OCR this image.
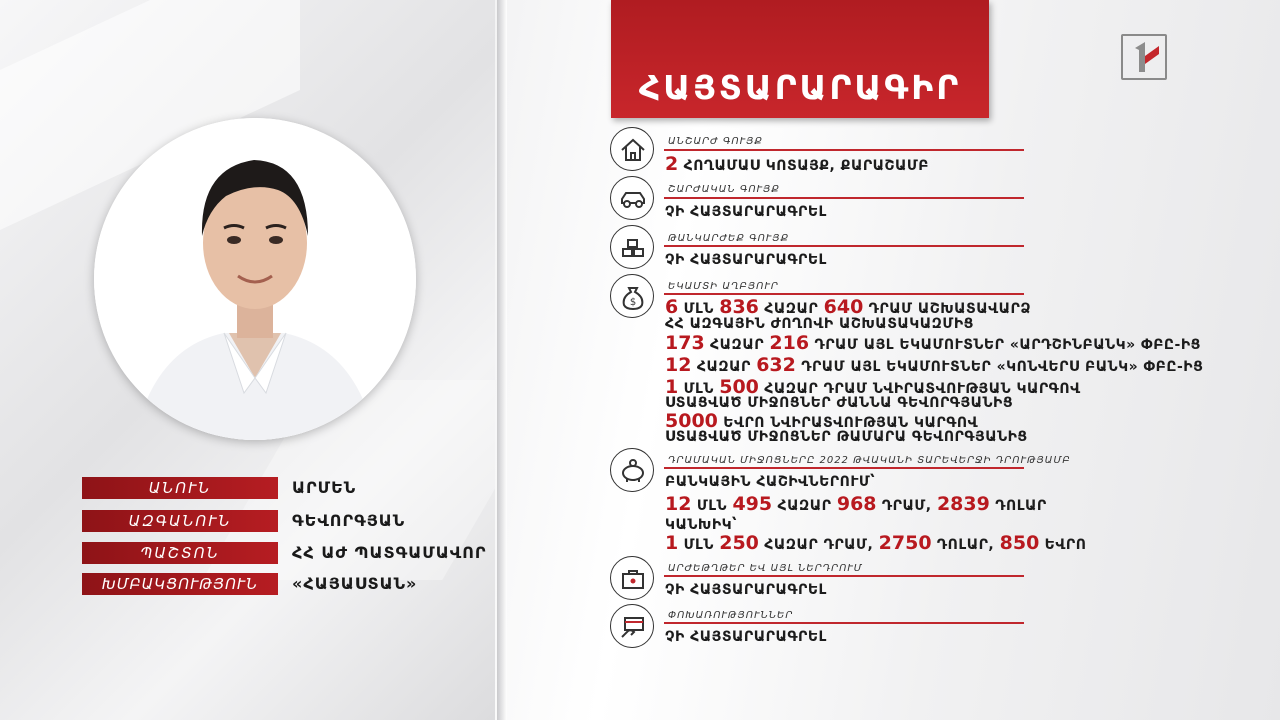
ԱՆՈՒՆ	ԱՐՄԵՆ
ԱԶԳԱՆՈՒՆ	ԳԵՎՈՐԳՅԱՆ
ՊԱՇՏՈՆ	ՀՀ ԱԺ ՊԱՏԳԱՄԱՎՈՐ
ԽՄԲԱԿՑՈՒԹՅՈՒՆ	«ՀԱՅԱՍՏԱՆ»
ՀԱՅՏԱՐԱՐԱԳԻՐ
ԱՆՇԱՐԺ ԳՈՒՅՔ
2 ՀՈՂԱՄԱՍ ԿՈՏԱՅՔ, ՔԱՐԱՇԱՄԲ
ՇԱՐԺԱԿԱՆ ԳՈՒՅՔ
ՉԻ ՀԱՅՏԱՐԱՐԱԳՐԵԼ
ԹԱՆԿԱՐԺԵՔ ԳՈՒՅՔ
ՉԻ ՀԱՅՏԱՐԱՐԱԳՐԵԼ
$
ԵԿԱՄՏԻ ԱՂԲՅՈՒՐ
6 ՄԼՆ 836 ՀԱԶԱՐ 640 ԴՐԱՄ ԱՇԽԱՏԱՎԱՐՁ
ՀՀ ԱԶԳԱՅԻՆ ԺՈՂՈՎԻ ԱՇԽԱՏԱԿԱԶՄԻՑ
173 ՀԱԶԱՐ 216 ԴՐԱՄ ԱՅԼ ԵԿԱՄՈՒՏՆԵՐ «ԱՐԴՇԻՆԲԱՆԿ» ՓԲԸ-ԻՑ
12 ՀԱԶԱՐ 632 ԴՐԱՄ ԱՅԼ ԵԿԱՄՈՒՏՆԵՐ «ԿՈՆՎԵՐՍ ԲԱՆԿ» ՓԲԸ-ԻՑ
1 ՄԼՆ 500 ՀԱԶԱՐ ԴՐԱՄ ՆՎԻՐԱՏՎՈՒԹՅԱՆ ԿԱՐԳՈՎ
ՍՏԱՑՎԱԾ ՄԻՋՈՑՆԵՐ ԺԱՆՆԱ ԳԵՎՈՐԳՅԱՆԻՑ
5000 ԵՎՐՈ ՆՎԻՐԱՏՎՈՒԹՅԱՆ ԿԱՐԳՈՎ
ՍՏԱՑՎԱԾ ՄԻՋՈՑՆԵՐ ԹԱՄԱՐԱ ԳԵՎՈՐԳՅԱՆԻՑ
ԴՐԱՄԱԿԱՆ ՄԻՋՈՑՆԵՐԸ 2022 ԹՎԱԿԱՆԻ ՏԱՐԵՎԵՐՋԻ ԴՐՈՒԹՅԱՄԲ
ԲԱՆԿԱՅԻՆ ՀԱՇԻՎՆԵՐՈՒՄ՝
12 ՄԼՆ 495 ՀԱԶԱՐ 968 ԴՐԱՄ, 2839 ԴՈԼԱՐ
ԿԱՆԽԻԿ՝
1 ՄԼՆ 250 ՀԱԶԱՐ ԴՐԱՄ, 2750 ԴՈԼԱՐ, 850 ԵՎՐՈ
ԱՐԺԵԹՂԹԵՐ ԵՎ ԱՅԼ ՆԵՐԴՐՈՒՄ
ՉԻ ՀԱՅՏԱՐԱՐԱԳՐԵԼ
ՓՈԽԱՌՈՒԹՅՈՒՆՆԵՐ
ՉԻ ՀԱՅՏԱՐԱՐԱԳՐԵԼ
